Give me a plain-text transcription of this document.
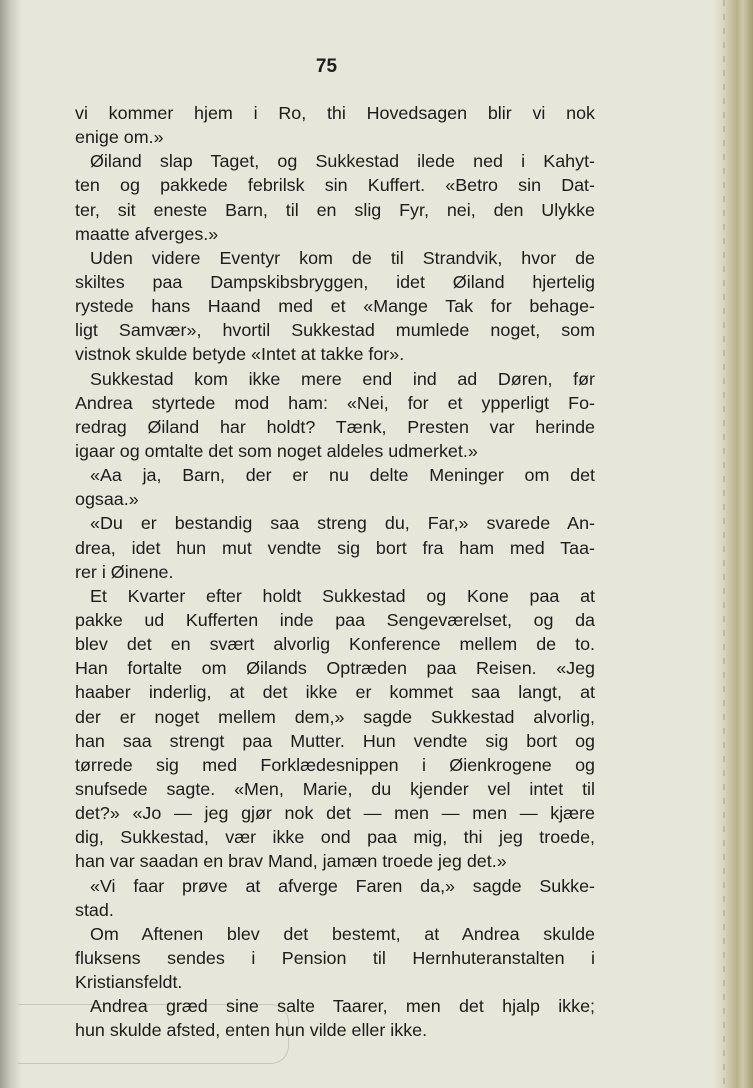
75
vi kommer hjem i Ro, thi Hovedsagen blir vi nok
enige om.»
Øiland slap Taget, og Sukkestad ilede ned i Kahyt-
ten og pakkede febrilsk sin Kuffert. «Betro sin Dat-
ter, sit eneste Barn, til en slig Fyr, nei, den Ulykke
maatte afverges.»
Uden videre Eventyr kom de til Strandvik, hvor de
skiltes paa Dampskibsbryggen, idet Øiland hjertelig
rystede hans Haand med et «Mange Tak for behage-
ligt Samvær», hvortil Sukkestad mumlede noget, som
vistnok skulde betyde «Intet at takke for».
Sukkestad kom ikke mere end ind ad Døren, før
Andrea styrtede mod ham: «Nei, for et ypperligt Fo-
redrag Øiland har holdt? Tænk, Presten var herinde
igaar og omtalte det som noget aldeles udmerket.»
«Aa ja, Barn, der er nu delte Meninger om det
ogsaa.»
«Du er bestandig saa streng du, Far,» svarede An-
drea, idet hun mut vendte sig bort fra ham med Taa-
rer i Øinene.
Et Kvarter efter holdt Sukkestad og Kone paa at
pakke ud Kufferten inde paa Sengeværelset, og da
blev det en svært alvorlig Konference mellem de to.
Han fortalte om Øilands Optræden paa Reisen. «Jeg
haaber inderlig, at det ikke er kommet saa langt, at
der er noget mellem dem,» sagde Sukkestad alvorlig,
han saa strengt paa Mutter. Hun vendte sig bort og
tørrede sig med Forklædesnippen i Øienkrogene og
snufsede sagte. «Men, Marie, du kjender vel intet til
det?» «Jo — jeg gjør nok det — men — men — kjære
dig, Sukkestad, vær ikke ond paa mig, thi jeg troede,
han var saadan en brav Mand, jamæn troede jeg det.»
«Vi faar prøve at afverge Faren da,» sagde Sukke-
stad.
Om Aftenen blev det bestemt, at Andrea skulde
fluksens sendes i Pension til Hernhuteranstalten i
Kristiansfeldt.
Andrea græd sine salte Taarer, men det hjalp ikke;
hun skulde afsted, enten hun vilde eller ikke.
